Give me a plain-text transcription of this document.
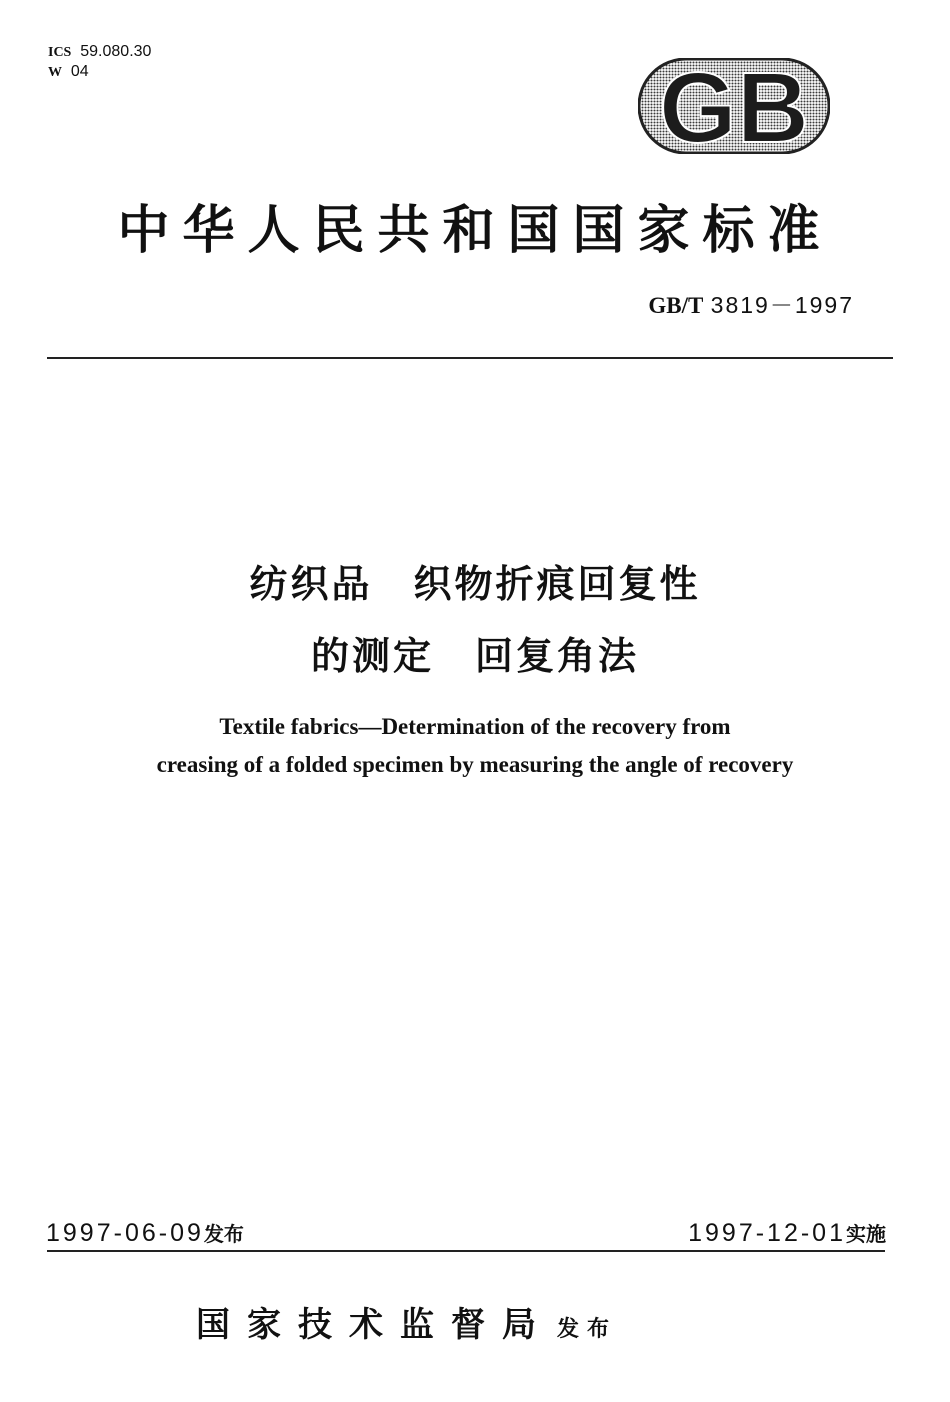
ICS 59.080.30
W 04	GB
中华人民共和国国家标准
GB/T 3819－1997
纺织品　织物折痕回复性
的测定　回复角法
Textile fabrics—Determination of the recovery from
creasing of a folded specimen by measuring the angle of recovery
1997-06-09发布	1997-12-01实施
国家技术监督局 发布
